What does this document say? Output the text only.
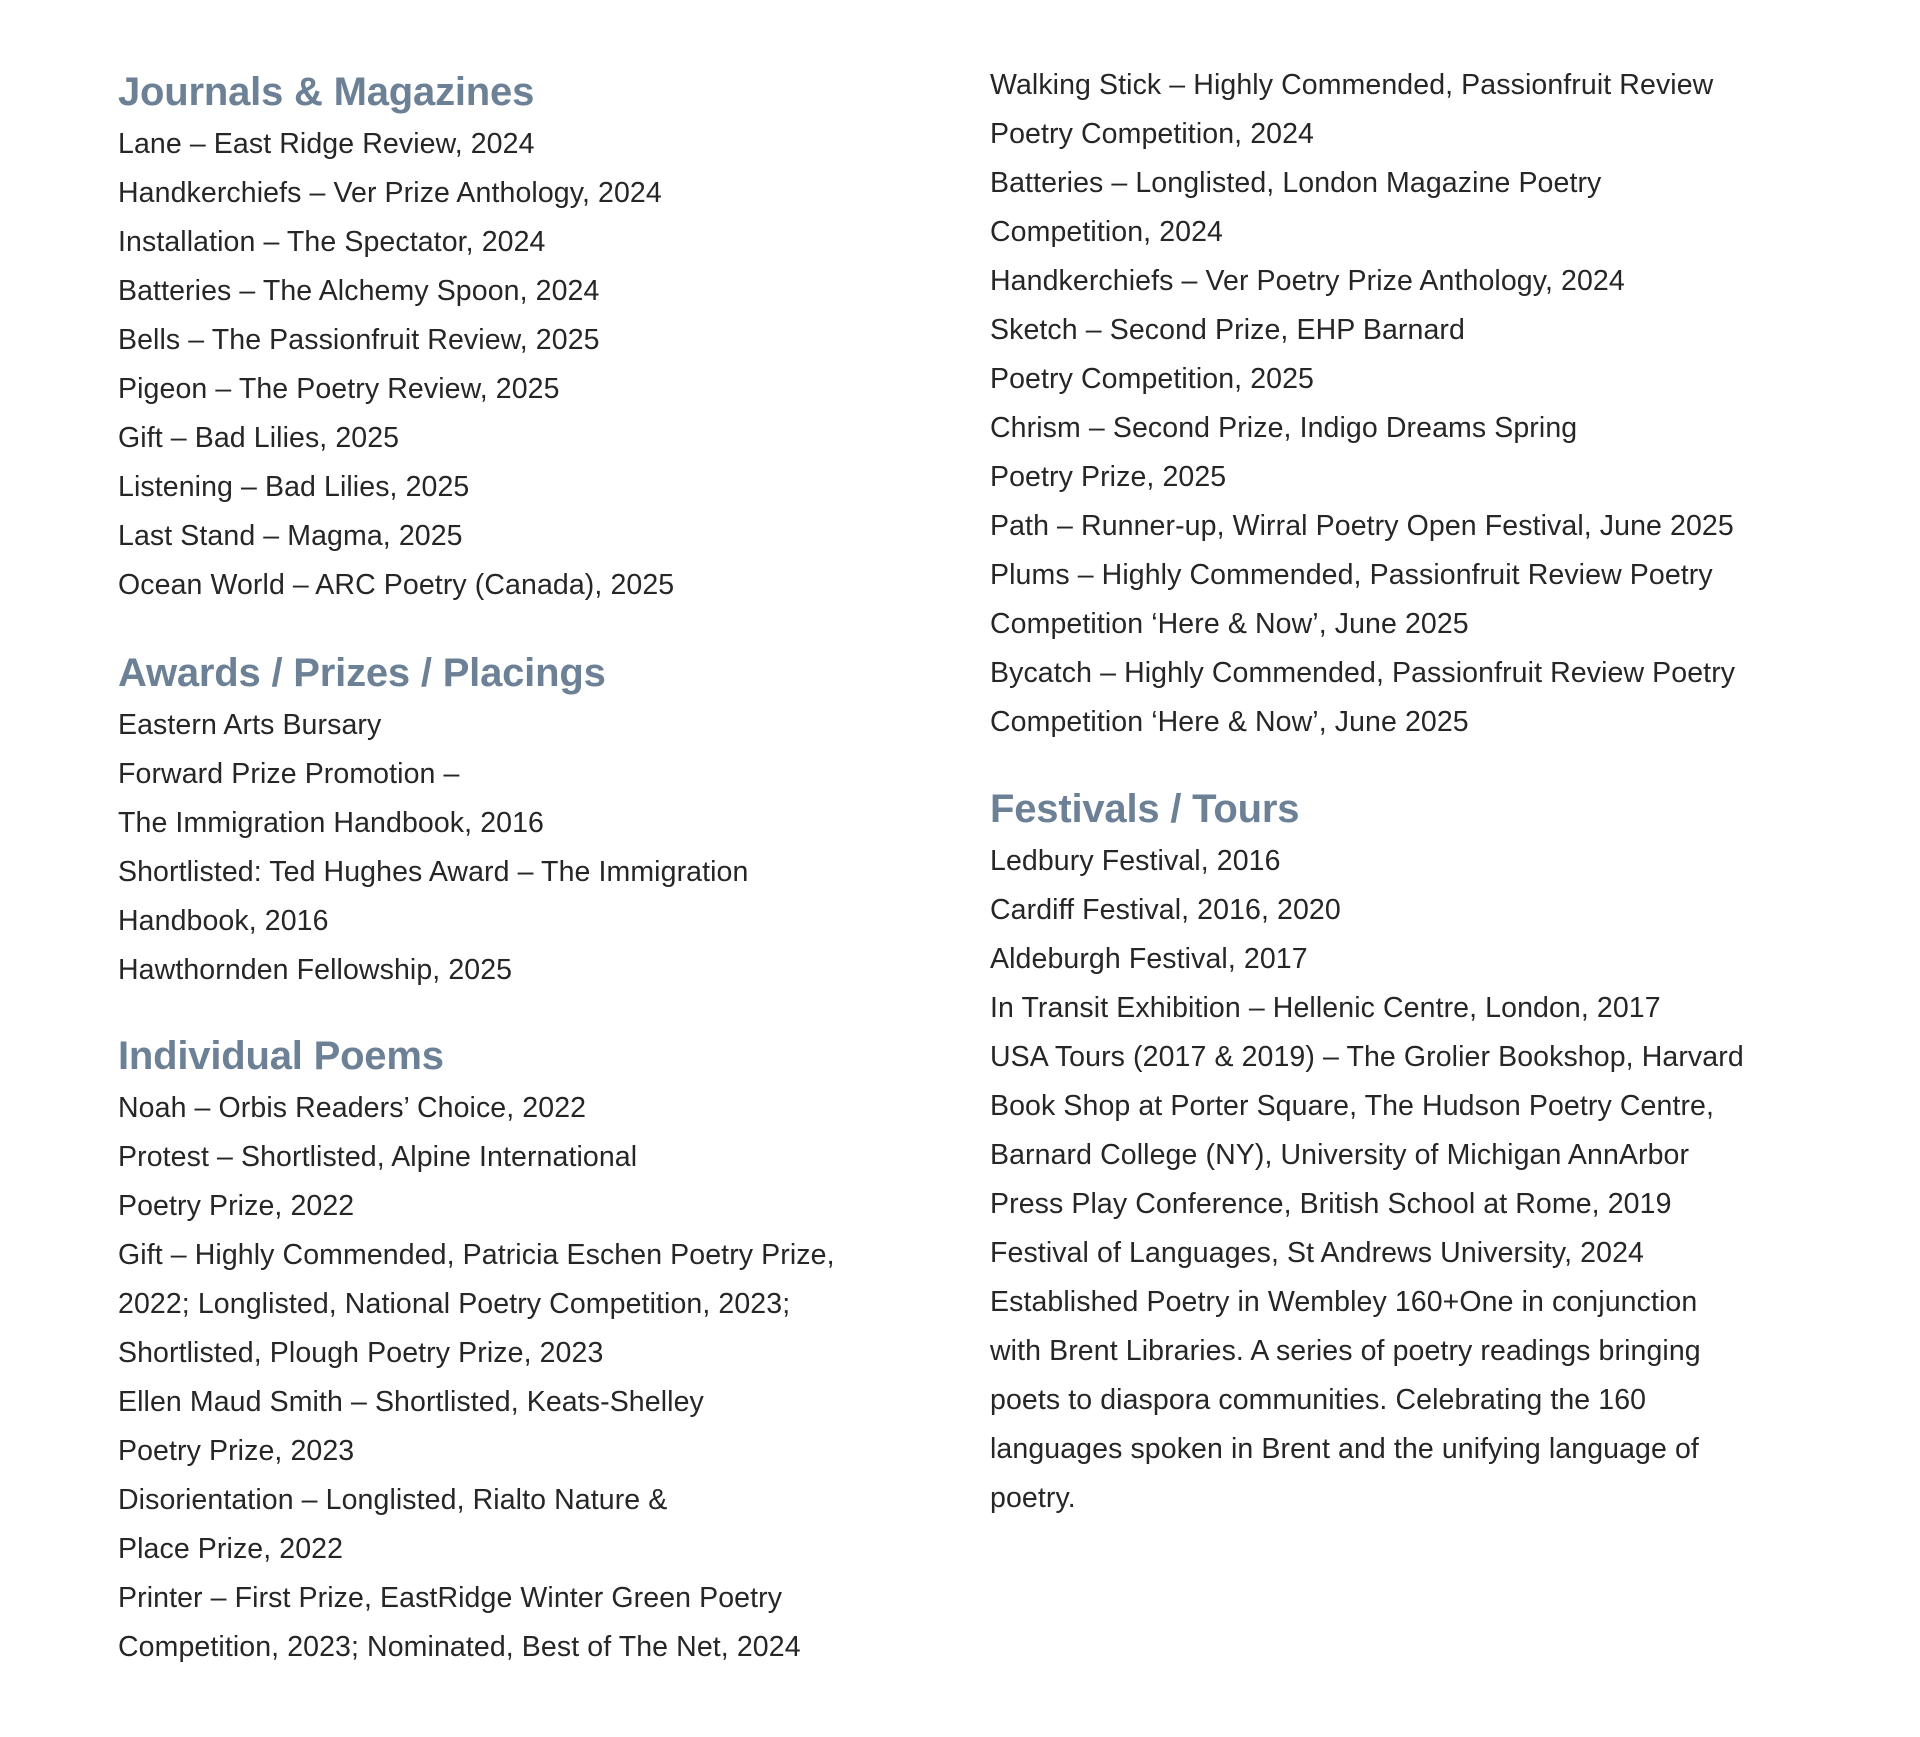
Journals & Magazines
Lane – East Ridge Review, 2024
Handkerchiefs – Ver Prize Anthology, 2024
Installation – The Spectator, 2024
Batteries – The Alchemy Spoon, 2024
Bells – The Passionfruit Review, 2025
Pigeon – The Poetry Review, 2025
Gift – Bad Lilies, 2025
Listening – Bad Lilies, 2025
Last Stand – Magma, 2025
Ocean World – ARC Poetry (Canada), 2025
Awards / Prizes / Placings
Eastern Arts Bursary
Forward Prize Promotion –
The Immigration Handbook, 2016
Shortlisted: Ted Hughes Award – The Immigration
Handbook, 2016
Hawthornden Fellowship, 2025
Individual Poems
Noah – Orbis Readers’ Choice, 2022
Protest – Shortlisted, Alpine International
Poetry Prize, 2022
Gift – Highly Commended, Patricia Eschen Poetry Prize,
2022; Longlisted, National Poetry Competition, 2023;
Shortlisted, Plough Poetry Prize, 2023
Ellen Maud Smith – Shortlisted, Keats-Shelley
Poetry Prize, 2023
Disorientation – Longlisted, Rialto Nature &
Place Prize, 2022
Printer – First Prize, EastRidge Winter Green Poetry
Competition, 2023; Nominated, Best of The Net, 2024
Walking Stick – Highly Commended, Passionfruit Review
Poetry Competition, 2024
Batteries – Longlisted, London Magazine Poetry
Competition, 2024
Handkerchiefs – Ver Poetry Prize Anthology, 2024
Sketch – Second Prize, EHP Barnard
Poetry Competition, 2025
Chrism – Second Prize, Indigo Dreams Spring
Poetry Prize, 2025
Path – Runner-up, Wirral Poetry Open Festival, June 2025
Plums – Highly Commended, Passionfruit Review Poetry
Competition ‘Here & Now’, June 2025
Bycatch – Highly Commended, Passionfruit Review Poetry
Competition ‘Here & Now’, June 2025
Festivals / Tours
Ledbury Festival, 2016
Cardiff Festival, 2016, 2020
Aldeburgh Festival, 2017
In Transit Exhibition – Hellenic Centre, London, 2017
USA Tours (2017 & 2019) – The Grolier Bookshop, Harvard
Book Shop at Porter Square, The Hudson Poetry Centre,
Barnard College (NY), University of Michigan AnnArbor
Press Play Conference, British School at Rome, 2019
Festival of Languages, St Andrews University, 2024
Established Poetry in Wembley 160+One in conjunction
with Brent Libraries. A series of poetry readings bringing
poets to diaspora communities. Celebrating the 160
languages spoken in Brent and the unifying language of
poetry.
